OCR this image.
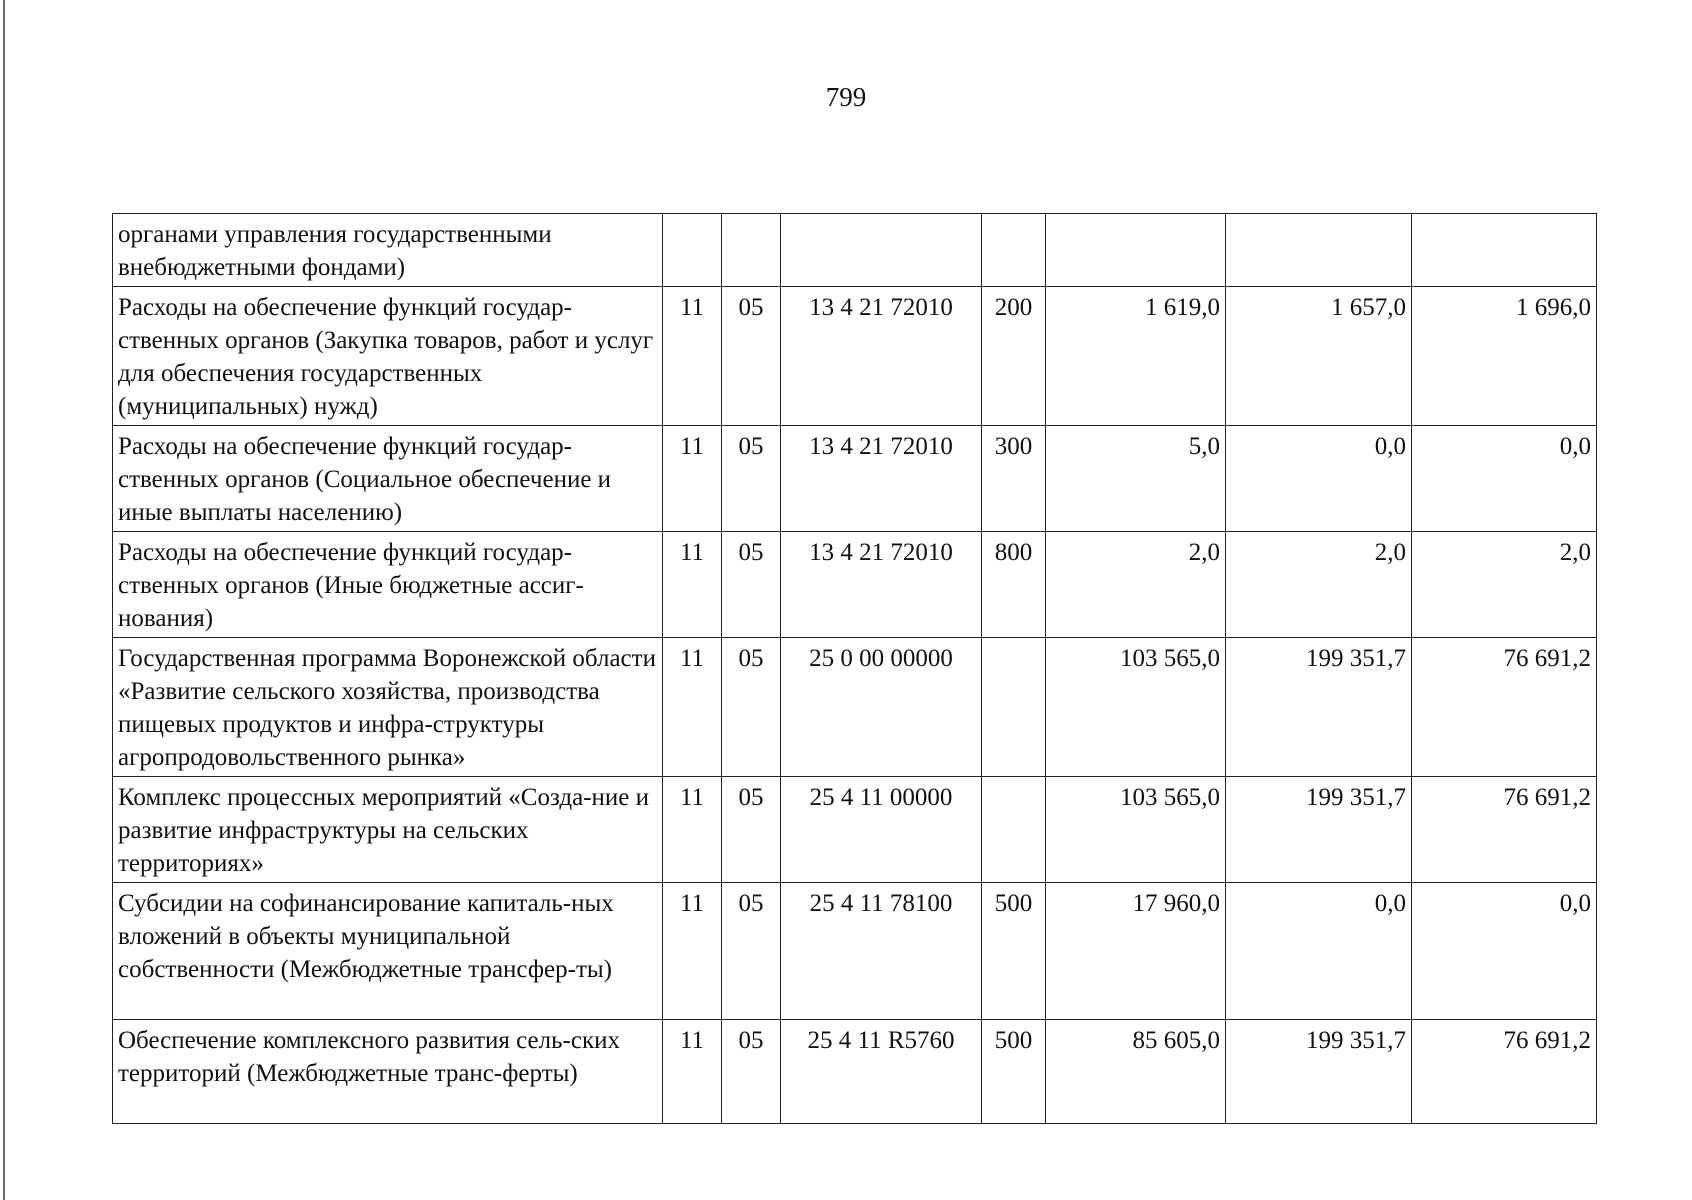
799
органами управления государственными внебюджетными фондами)							
Расходы на обеспечение функций государ-ственных органов (Закупка товаров, работ и услуг для обеспечения государственных (муниципальных) нужд)	11	05	13 4 21 72010	200	1 619,0	1 657,0	1 696,0
Расходы на обеспечение функций государ-ственных органов (Социальное обеспечение и иные выплаты населению)	11	05	13 4 21 72010	300	5,0	0,0	0,0
Расходы на обеспечение функций государ-ственных органов (Иные бюджетные ассиг-нования)	11	05	13 4 21 72010	800	2,0	2,0	2,0
Государственная программа Воронежской области «Развитие сельского хозяйства, производства пищевых продуктов и инфра-структуры агропродовольственного рынка»	11	05	25 0 00 00000		103 565,0	199 351,7	76 691,2
Комплекс процессных мероприятий «Созда-ние и развитие инфраструктуры на сельских территориях»	11	05	25 4 11 00000		103 565,0	199 351,7	76 691,2
Субсидии на софинансирование капиталь-ных вложений в объекты муниципальной собственности (Межбюджетные трансфер-ты)	11	05	25 4 11 78100	500	17 960,0	0,0	0,0
Обеспечение комплексного развития сель-ских территорий (Межбюджетные транс-ферты)	11	05	25 4 11 R5760	500	85 605,0	199 351,7	76 691,2
